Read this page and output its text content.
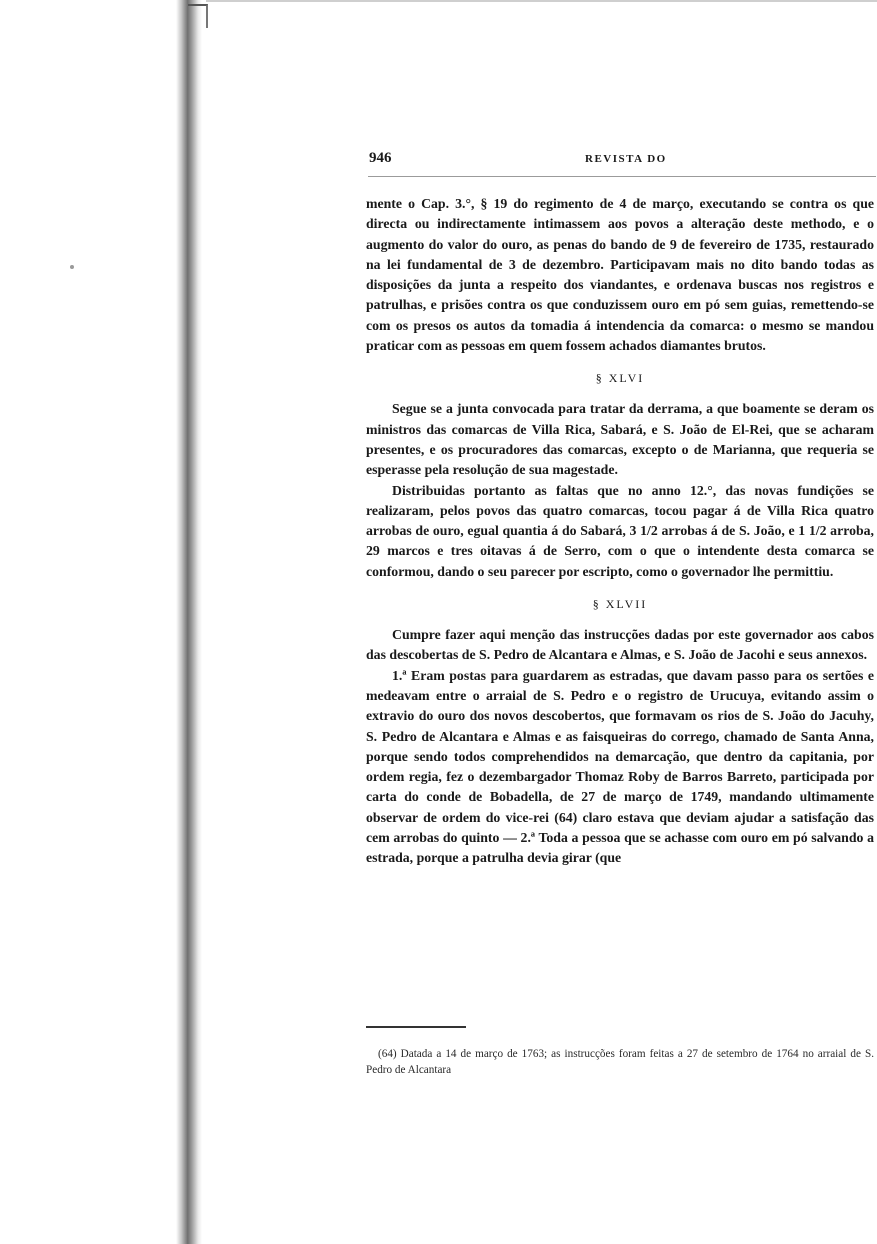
946	REVISTA DO

mente o Cap. 3.°, § 19 do regimento de 4 de março, executando se contra os que directa ou indirectamente intimassem aos povos a alteração deste methodo, e o augmento do valor do ouro, as penas do bando de 9 de fevereiro de 1735, restaurado na lei fundamental de 3 de dezembro. Participavam mais no dito bando todas as disposições da junta a respeito dos viandantes, e ordenava buscas nos registros e patrulhas, e prisões contra os que conduzissem ouro em pó sem guias, remettendo-se com os presos os autos da tomadia á intendencia da comarca: o mesmo se mandou praticar com as pessoas em quem fossem achados diamantes brutos.

§ XLVI

Segue se a junta convocada para tratar da derrama, a que boamente se deram os ministros das comarcas de Villa Rica, Sabará, e S. João de El-Rei, que se acharam presentes, e os procuradores das comarcas, excepto o de Marianna, que requeria se esperasse pela resolução de sua magestade.

Distribuidas portanto as faltas que no anno 12.°, das novas fundições se realizaram, pelos povos das quatro comarcas, tocou pagar á de Villa Rica quatro arrobas de ouro, egual quantia á do Sabará, 3 1/2 arrobas á de S. João, e 1 1/2 arroba, 29 marcos e tres oitavas á de Serro, com o que o intendente desta comarca se conformou, dando o seu parecer por escripto, como o governador lhe permittiu.

§ XLVII

Cumpre fazer aqui menção das instrucções dadas por este governador aos cabos das descobertas de S. Pedro de Alcantara e Almas, e S. João de Jacohi e seus annexos.

1.ª Eram postas para guardarem as estradas, que davam passo para os sertões e medeavam entre o arraial de S. Pedro e o registro de Urucuya, evitando assim o extravio do ouro dos novos descobertos, que formavam os rios de S. João do Jacuhy, S. Pedro de Alcantara e Almas e as faisqueiras do corrego, chamado de Santa Anna, porque sendo todos comprehendidos na demarcação, que dentro da capitania, por ordem regia, fez o dezembargador Thomaz Roby de Barros Barreto, participada por carta do conde de Bobadella, de 27 de março de 1749, mandando ultimamente observar de ordem do vice-rei (64) claro estava que deviam ajudar a satisfação das cem arrobas do quinto — 2.ª Toda a pessoa que se achasse com ouro em pó salvando a estrada, porque a patrulha devia girar (que

(64) Datada a 14 de março de 1763; as instrucções foram feitas a 27 de setembro de 1764 no arraial de S. Pedro de Alcantara
